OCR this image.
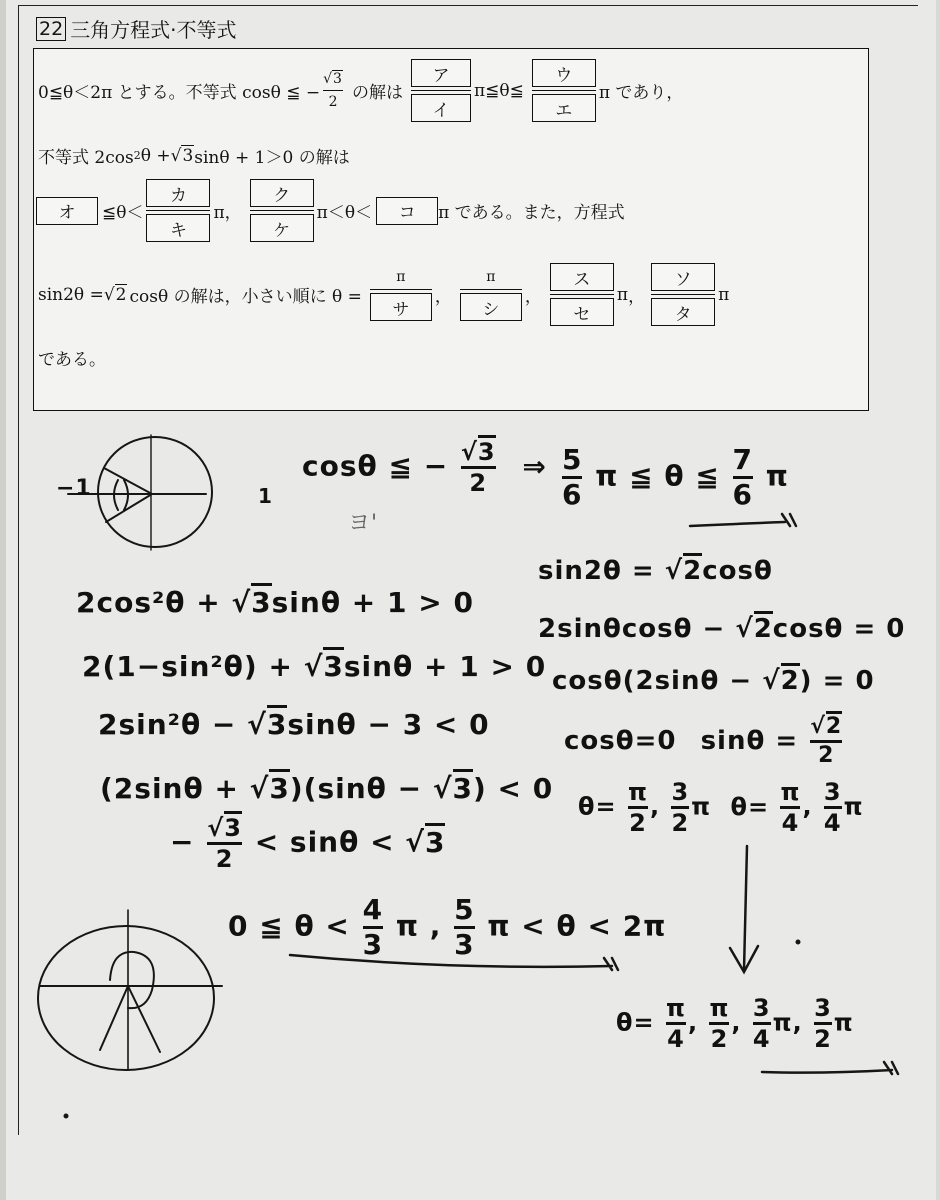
22 三角方程式·不等式
0≦θ＜2π とする。不等式 cosθ ≦ − $\frac{√3}{2}$ の解は $\frac{\text{ア}}{\text{イ}}$ π≦θ≦ $\frac{\text{ウ}}{\text{エ}}$ π であり，
不等式 2cos 2 θ + √ 3 sinθ + 1＞0 の解は
オ	≦θ＜ $\frac{\text{カ}}{\text{キ}}$ π， $\frac{\text{ク}}{\text{ケ}} \pi<\theta<$	コ	π である。また，方程式
sin2θ = √ 2 cosθ の解は，小さい順に $\theta = \frac{\pi}{\text{サ}}$ ， $\frac{\pi}{\text{シ}}$ ， $\frac{\text{ス}}{\text{セ}}$ π ， $\frac{\text{ソ}}{\text{タ}}$ π
である。
−1	1
ヨ'
cosθ ≦ − $\frac{√3}{2}$ ⇒ $\frac{5}{6}$ π ≦ θ ≦ $\frac{7}{6}$ π
2cos²θ + √3sinθ + 1 > 0
2(1−sin²θ) + √3sinθ + 1 > 0
2sin²θ − √3sinθ − 3 < 0
(2sinθ + √3)(sinθ − √3) < 0
− $\frac{√3}{2} < \sin\theta < √3$
0 ≦ $\theta < \frac{4}{3}$ π , $\frac{5}{3}$ π < θ < 2π
sin2θ = √2cosθ
2sinθcosθ − √2cosθ = 0
cosθ(2sinθ − √2) = 0
cosθ=0 $\sin\theta = \frac{√2}{2}$
$\theta= \frac{\pi}{2}$ , $\frac{3}{2}$ π $\theta= \frac{\pi}{4}$ , $\frac{3}{4}$ π
$\theta= \frac{\pi}{4}$ , $\frac{\pi}{2}$ , $\frac{3}{4} \pi$, $\frac{3}{2}$ π
